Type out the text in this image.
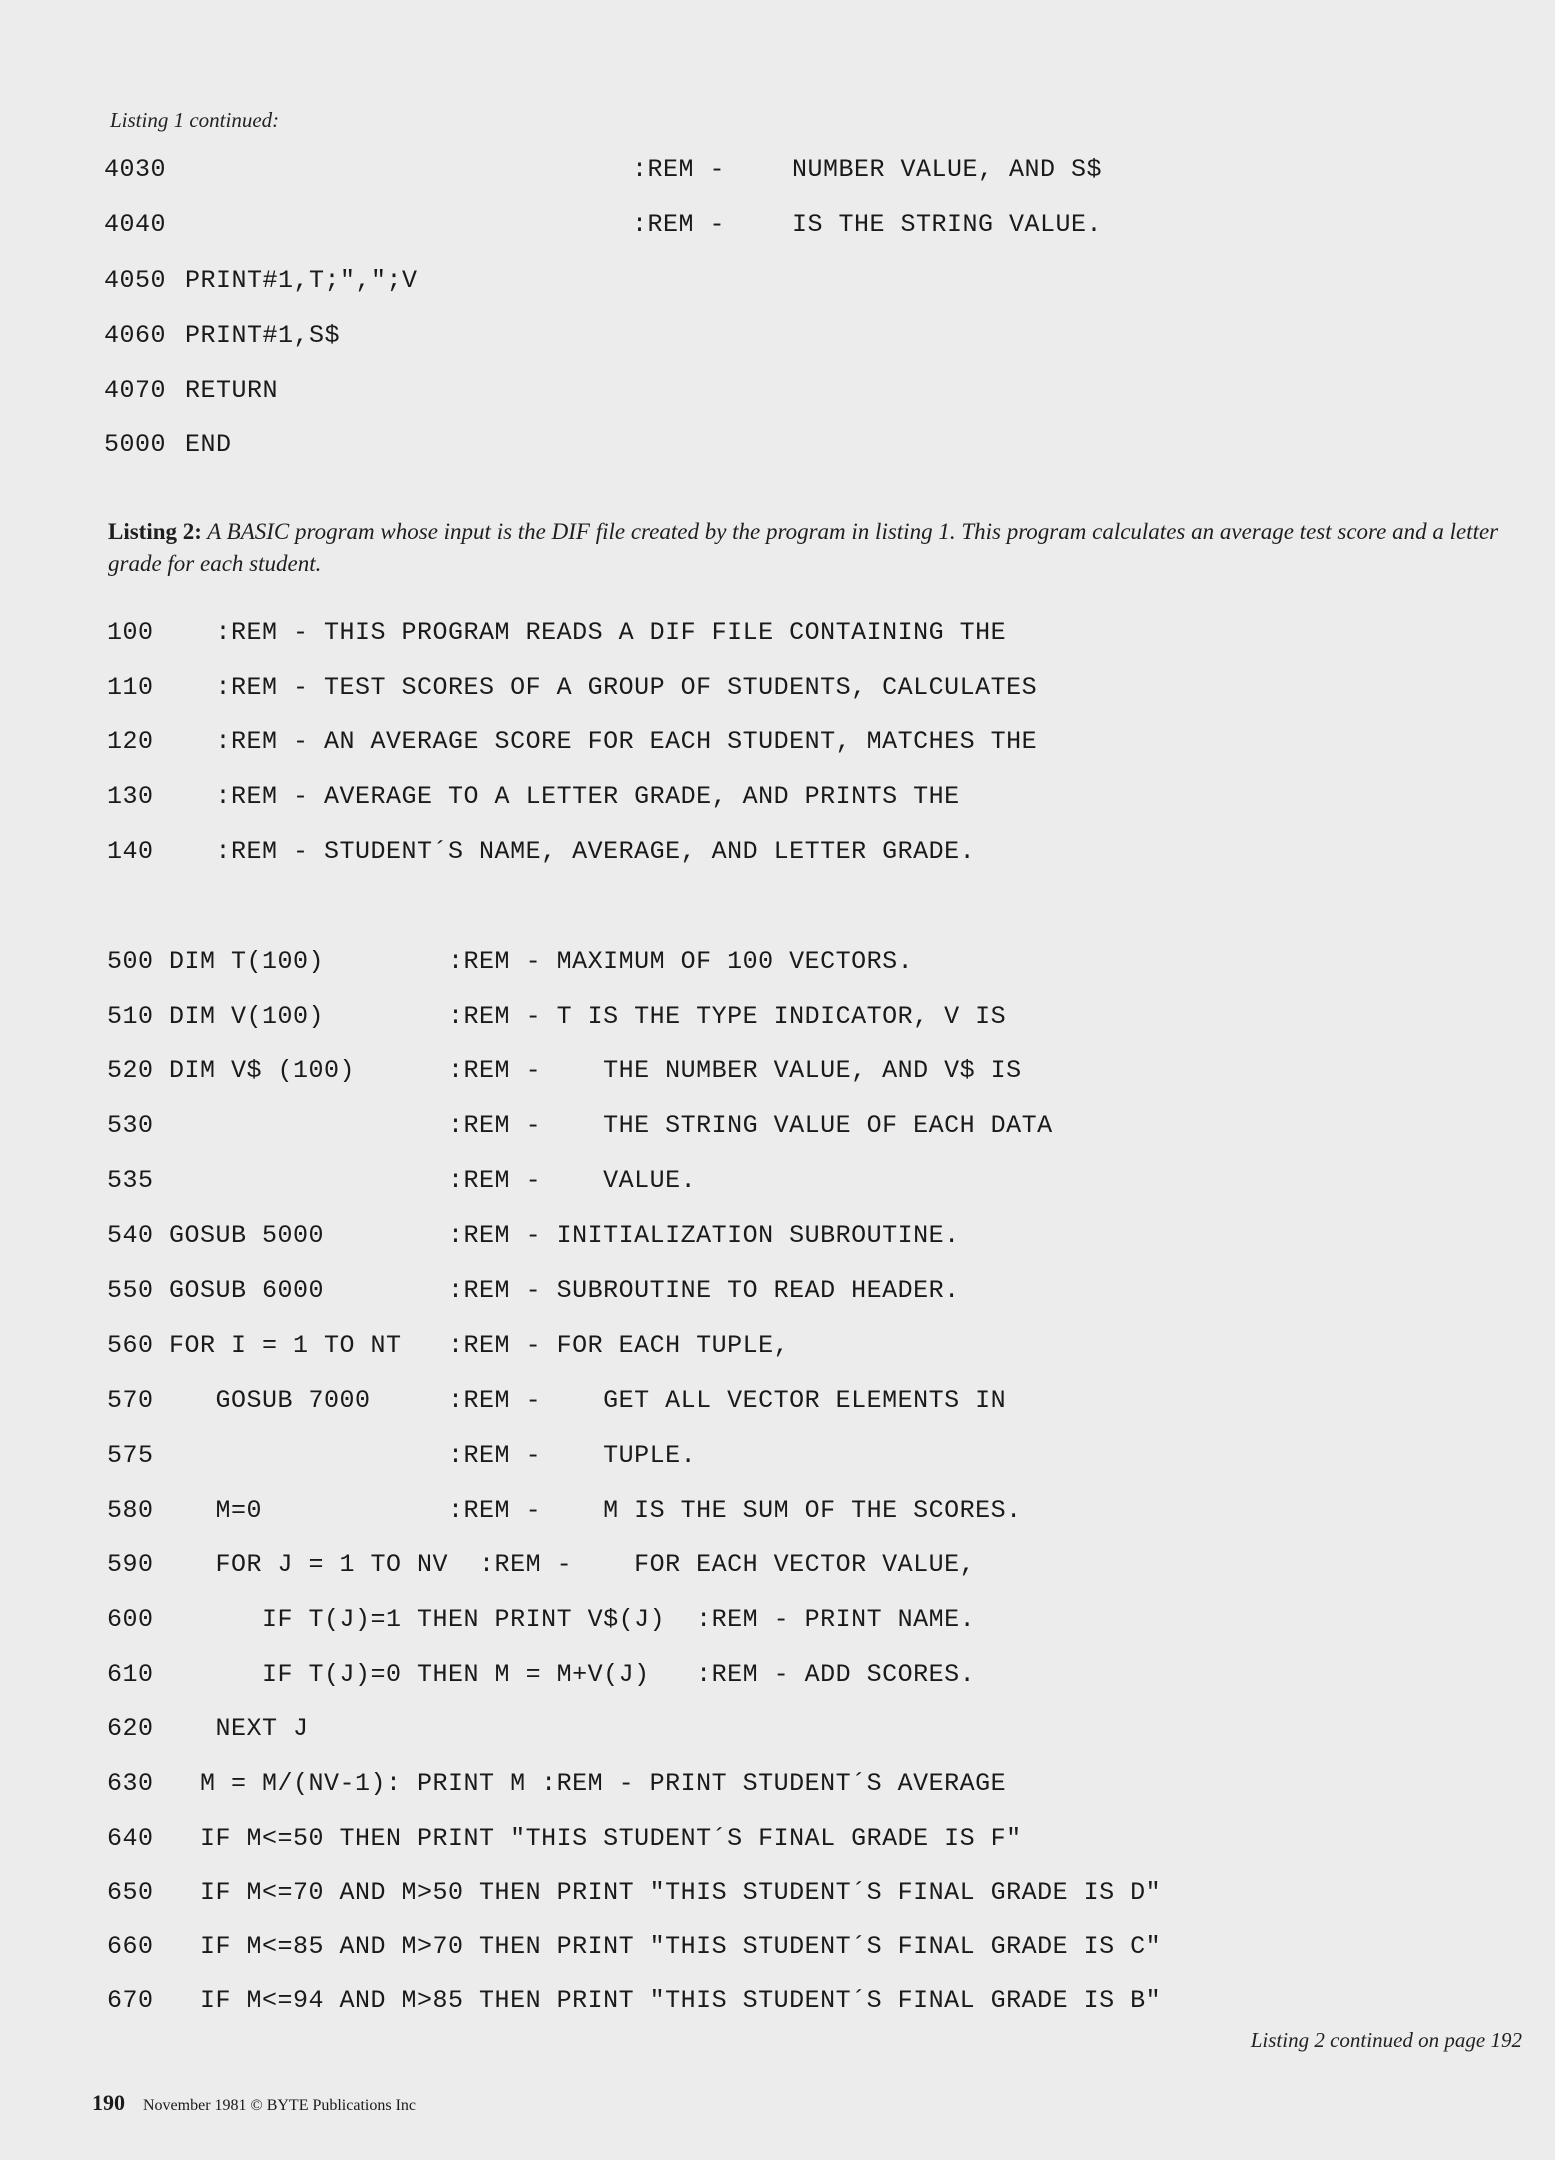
Listing 1 continued:
4030	:REM -	NUMBER VALUE, AND S$
4040	:REM -	IS THE STRING VALUE.
4050 PRINT#1,T;",";V
4060 PRINT#1,S$
4070 RETURN
5000 END
Listing 2: A BASIC program whose input is the DIF file created by the program in listing 1. This program calculates an average test score and a letter grade for each student.
100    :REM - THIS PROGRAM READS A DIF FILE CONTAINING THE
110    :REM - TEST SCORES OF A GROUP OF STUDENTS, CALCULATES
120    :REM - AN AVERAGE SCORE FOR EACH STUDENT, MATCHES THE
130    :REM - AVERAGE TO A LETTER GRADE, AND PRINTS THE
140    :REM - STUDENT´S NAME, AVERAGE, AND LETTER GRADE.
500 DIM T(100)        :REM - MAXIMUM OF 100 VECTORS.
510 DIM V(100)        :REM - T IS THE TYPE INDICATOR, V IS
520 DIM V$ (100)      :REM -    THE NUMBER VALUE, AND V$ IS
530                   :REM -    THE STRING VALUE OF EACH DATA
535                   :REM -    VALUE.
540 GOSUB 5000        :REM - INITIALIZATION SUBROUTINE.
550 GOSUB 6000        :REM - SUBROUTINE TO READ HEADER.
560 FOR I = 1 TO NT   :REM - FOR EACH TUPLE,
570    GOSUB 7000     :REM -    GET ALL VECTOR ELEMENTS IN
575                   :REM -    TUPLE.
580    M=0            :REM -    M IS THE SUM OF THE SCORES.
590    FOR J = 1 TO NV  :REM -    FOR EACH VECTOR VALUE,
600       IF T(J)=1 THEN PRINT V$(J)  :REM - PRINT NAME.
610       IF T(J)=0 THEN M = M+V(J)   :REM - ADD SCORES.
620    NEXT J
630   M = M/(NV-1): PRINT M :REM - PRINT STUDENT´S AVERAGE
640   IF M<=50 THEN PRINT "THIS STUDENT´S FINAL GRADE IS F"
650   IF M<=70 AND M>50 THEN PRINT "THIS STUDENT´S FINAL GRADE IS D"
660   IF M<=85 AND M>70 THEN PRINT "THIS STUDENT´S FINAL GRADE IS C"
670   IF M<=94 AND M>85 THEN PRINT "THIS STUDENT´S FINAL GRADE IS B"
Listing 2 continued on page 192
190 November 1981 © BYTE Publications Inc
